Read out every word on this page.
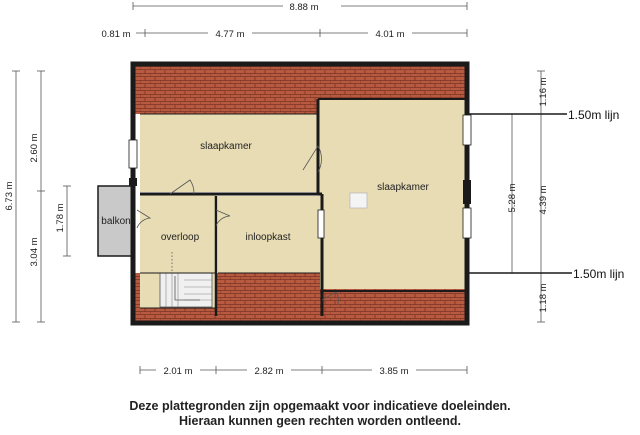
8.88 m
0.81 m	4.77 m	4.01 m
6.73 m
2.60 m
3.04 m
1.78 m
5.28 m
1.16 m
4.39 m
1.18 m
1.50m lijn
1.50m lijn
2.01 m	2.82 m	3.85 m
slaapkamer
slaapkamer
overloop	inloopkast
balkon
Deze plattegronden zijn opgemaakt voor indicatieve doeleinden.
Hieraan kunnen geen rechten worden ontleend.
